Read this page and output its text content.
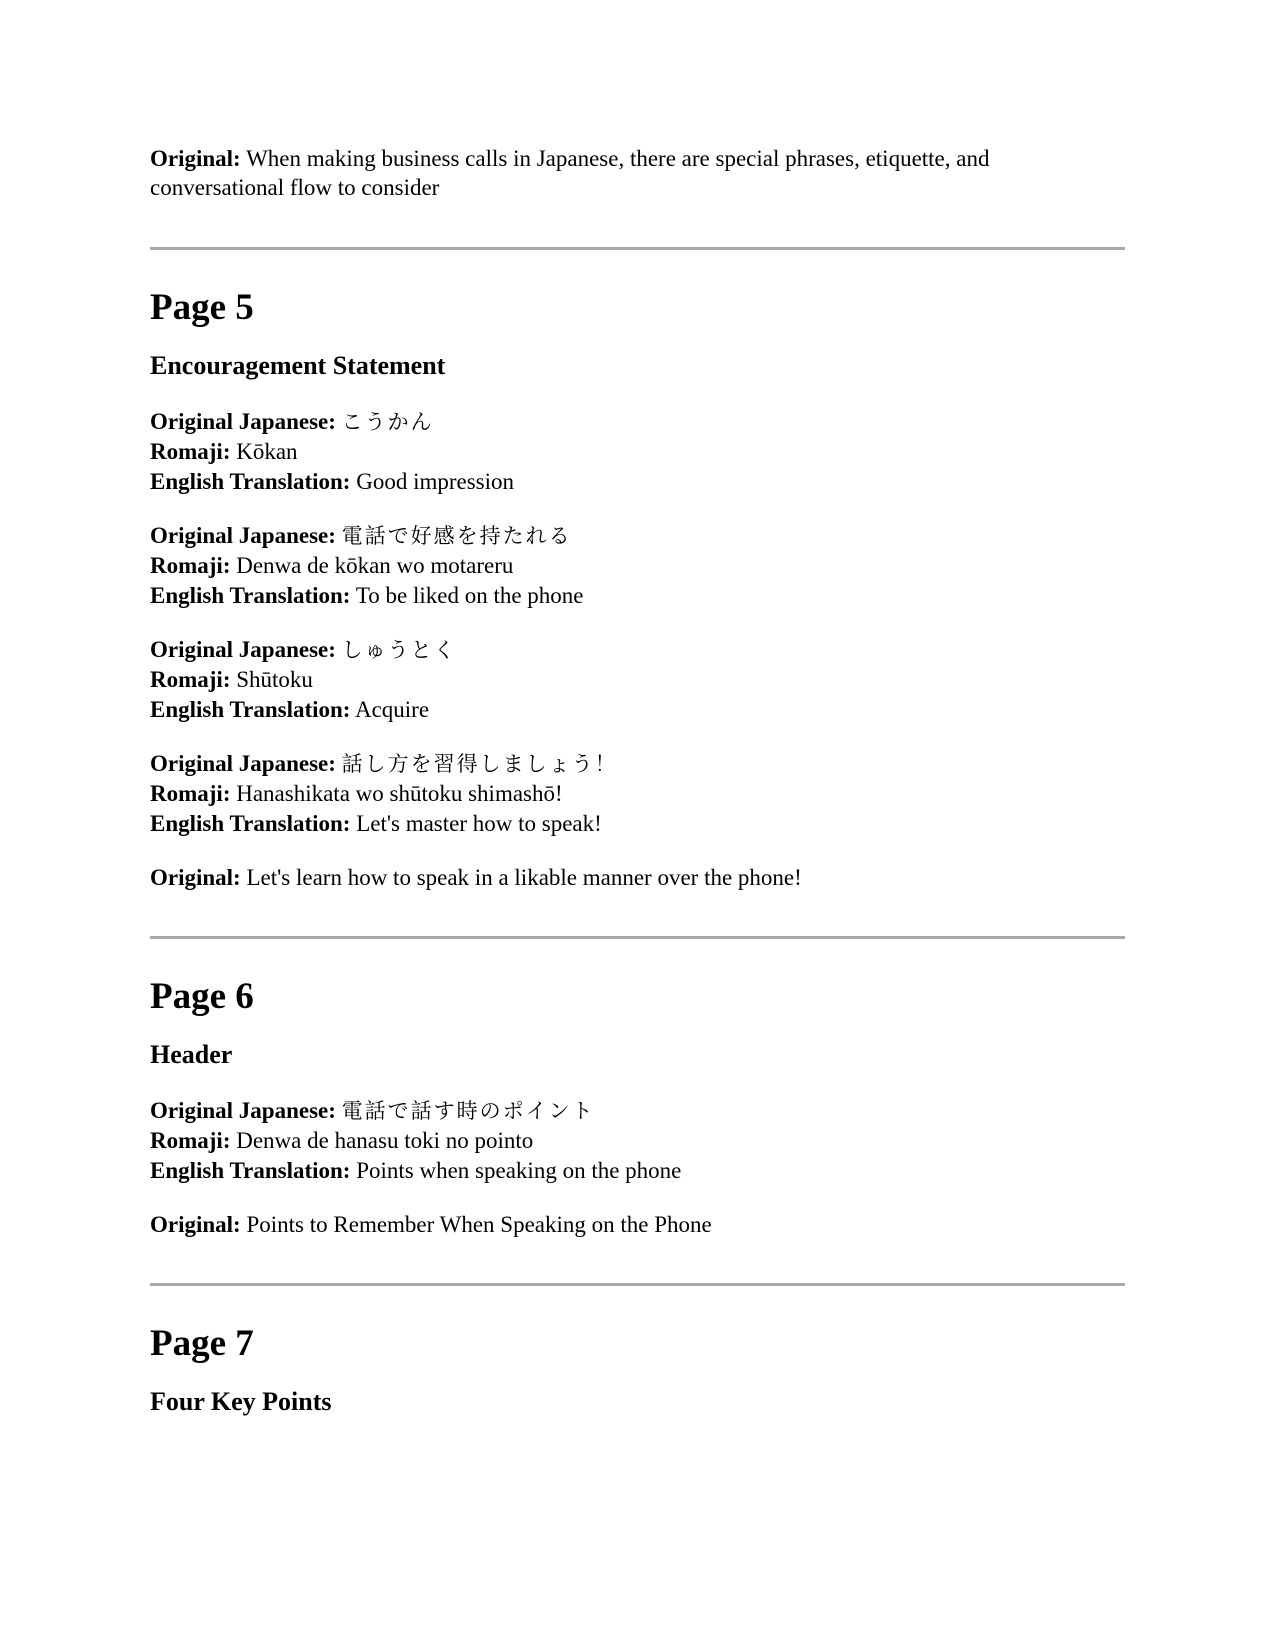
Original: When making business calls in Japanese, there are special phrases, etiquette, and conversational flow to consider

Page 5
Encouragement Statement
Original Japanese: こうかん
Romaji: Kōkan
English Translation: Good impression
Original Japanese: 電話で好感を持たれる
Romaji: Denwa de kōkan wo motareru
English Translation: To be liked on the phone
Original Japanese: しゅうとく
Romaji: Shūtoku
English Translation: Acquire
Original Japanese: 話し方を習得しましょう！
Romaji: Hanashikata wo shūtoku shimashō!
English Translation: Let's master how to speak!

Original: Let's learn how to speak in a likable manner over the phone!

Page 6
Header
Original Japanese: 電話で話す時のポイント
Romaji: Denwa de hanasu toki no pointo
English Translation: Points when speaking on the phone

Original: Points to Remember When Speaking on the Phone

Page 7
Four Key Points
